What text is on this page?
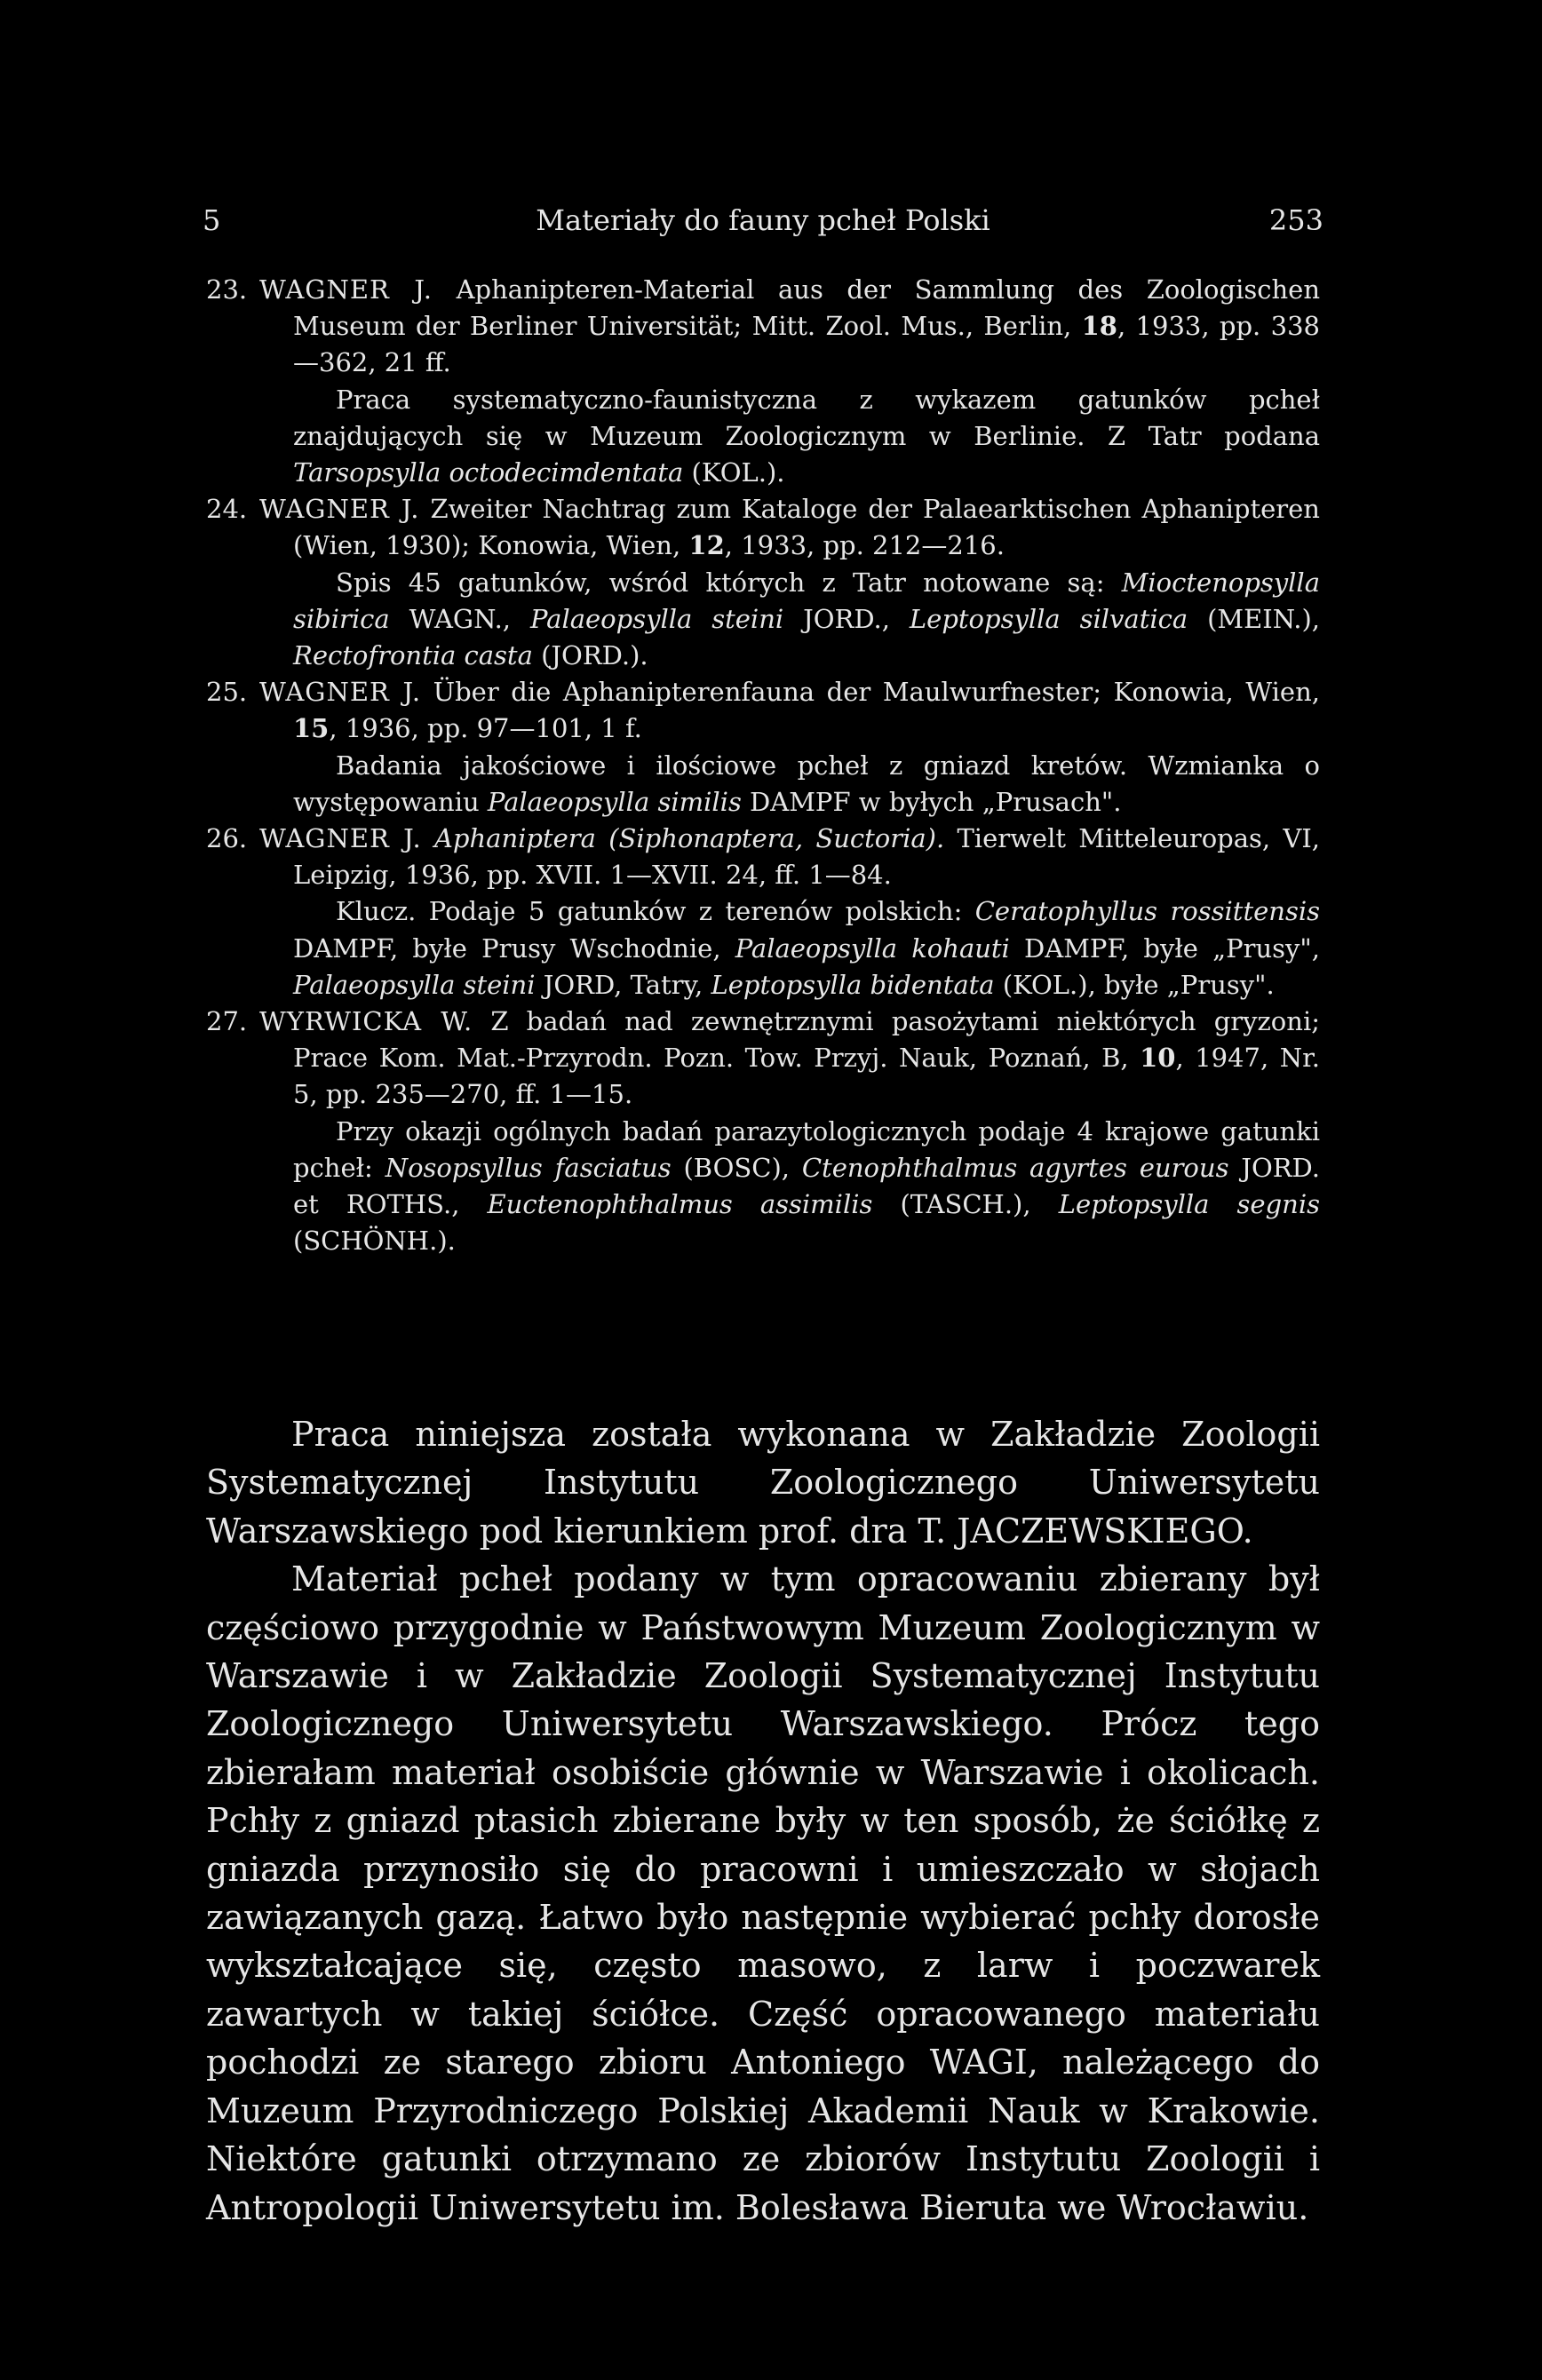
5	Materiały do fauny pcheł Polski	253
23. WAGNER J. Aphanipteren-Material aus der Sammlung des Zoologischen Museum der Berliner Universität; Mitt. Zool. Mus., Berlin, 18, 1933, pp. 338—362, 21 ff.
Praca systematyczno-faunistyczna z wykazem gatunków pcheł znajdujących się w Muzeum Zoologicznym w Berlinie. Z Tatr podana Tarsopsylla octodecimdentata (KOL.).
24. WAGNER J. Zweiter Nachtrag zum Kataloge der Palaearktischen Aphanipteren (Wien, 1930); Konowia, Wien, 12, 1933, pp. 212—216.
Spis 45 gatunków, wśród których z Tatr notowane są: Mioctenopsylla sibirica WAGN., Palaeopsylla steini JORD., Leptopsylla silvatica (MEIN.), Rectofrontia casta (JORD.).
25. WAGNER J. Über die Aphanipterenfauna der Maulwurfnester; Konowia, Wien, 15, 1936, pp. 97—101, 1 f.
Badania jakościowe i ilościowe pcheł z gniazd kretów. Wzmianka o występowaniu Palaeopsylla similis DAMPF w byłych „Prusach".
26. WAGNER J. Aphaniptera (Siphonaptera, Suctoria). Tierwelt Mitteleuropas, VI, Leipzig, 1936, pp. XVII. 1—XVII. 24, ff. 1—84.
Klucz. Podaje 5 gatunków z terenów polskich: Ceratophyllus rossittensis DAMPF, byłe Prusy Wschodnie, Palaeopsylla kohauti DAMPF, byłe „Prusy", Palaeopsylla steini JORD, Tatry, Leptopsylla bidentata (KOL.), byłe „Prusy".
27. WYRWICKA W. Z badań nad zewnętrznymi pasożytami niektórych gryzoni; Prace Kom. Mat.-Przyrodn. Pozn. Tow. Przyj. Nauk, Poznań, B, 10, 1947, Nr. 5, pp. 235—270, ff. 1—15.
Przy okazji ogólnych badań parazytologicznych podaje 4 krajowe gatunki pcheł: Nosopsyllus fasciatus (BOSC), Ctenophthalmus agyrtes eurous JORD. et ROTHS., Euctenophthalmus assimilis (TASCH.), Leptopsylla segnis (SCHÖNH.).

Praca niniejsza została wykonana w Zakładzie Zoologii Systematycznej Instytutu Zoologicznego Uniwersytetu Warszawskiego pod kierunkiem prof. dra T. JACZEWSKIEGO.

Materiał pcheł podany w tym opracowaniu zbierany był częściowo przygodnie w Państwowym Muzeum Zoologicznym w Warszawie i w Zakładzie Zoologii Systematycznej Instytutu Zoologicznego Uniwersytetu Warszawskiego. Prócz tego zbierałam materiał osobiście głównie w Warszawie i okolicach. Pchły z gniazd ptasich zbierane były w ten sposób, że ściółkę z gniazda przynosiło się do pracowni i umieszczało w słojach zawiązanych gazą. Łatwo było następnie wybierać pchły dorosłe wykształcające się, często masowo, z larw i poczwarek zawartych w takiej ściółce. Część opracowanego materiału pochodzi ze starego zbioru Antoniego WAGI, należącego do Muzeum Przyrodniczego Polskiej Akademii Nauk w Krakowie. Niektóre gatunki otrzymano ze zbiorów Instytutu Zoologii i Antropologii Uniwersytetu im. Bolesława Bieruta we Wrocławiu.
